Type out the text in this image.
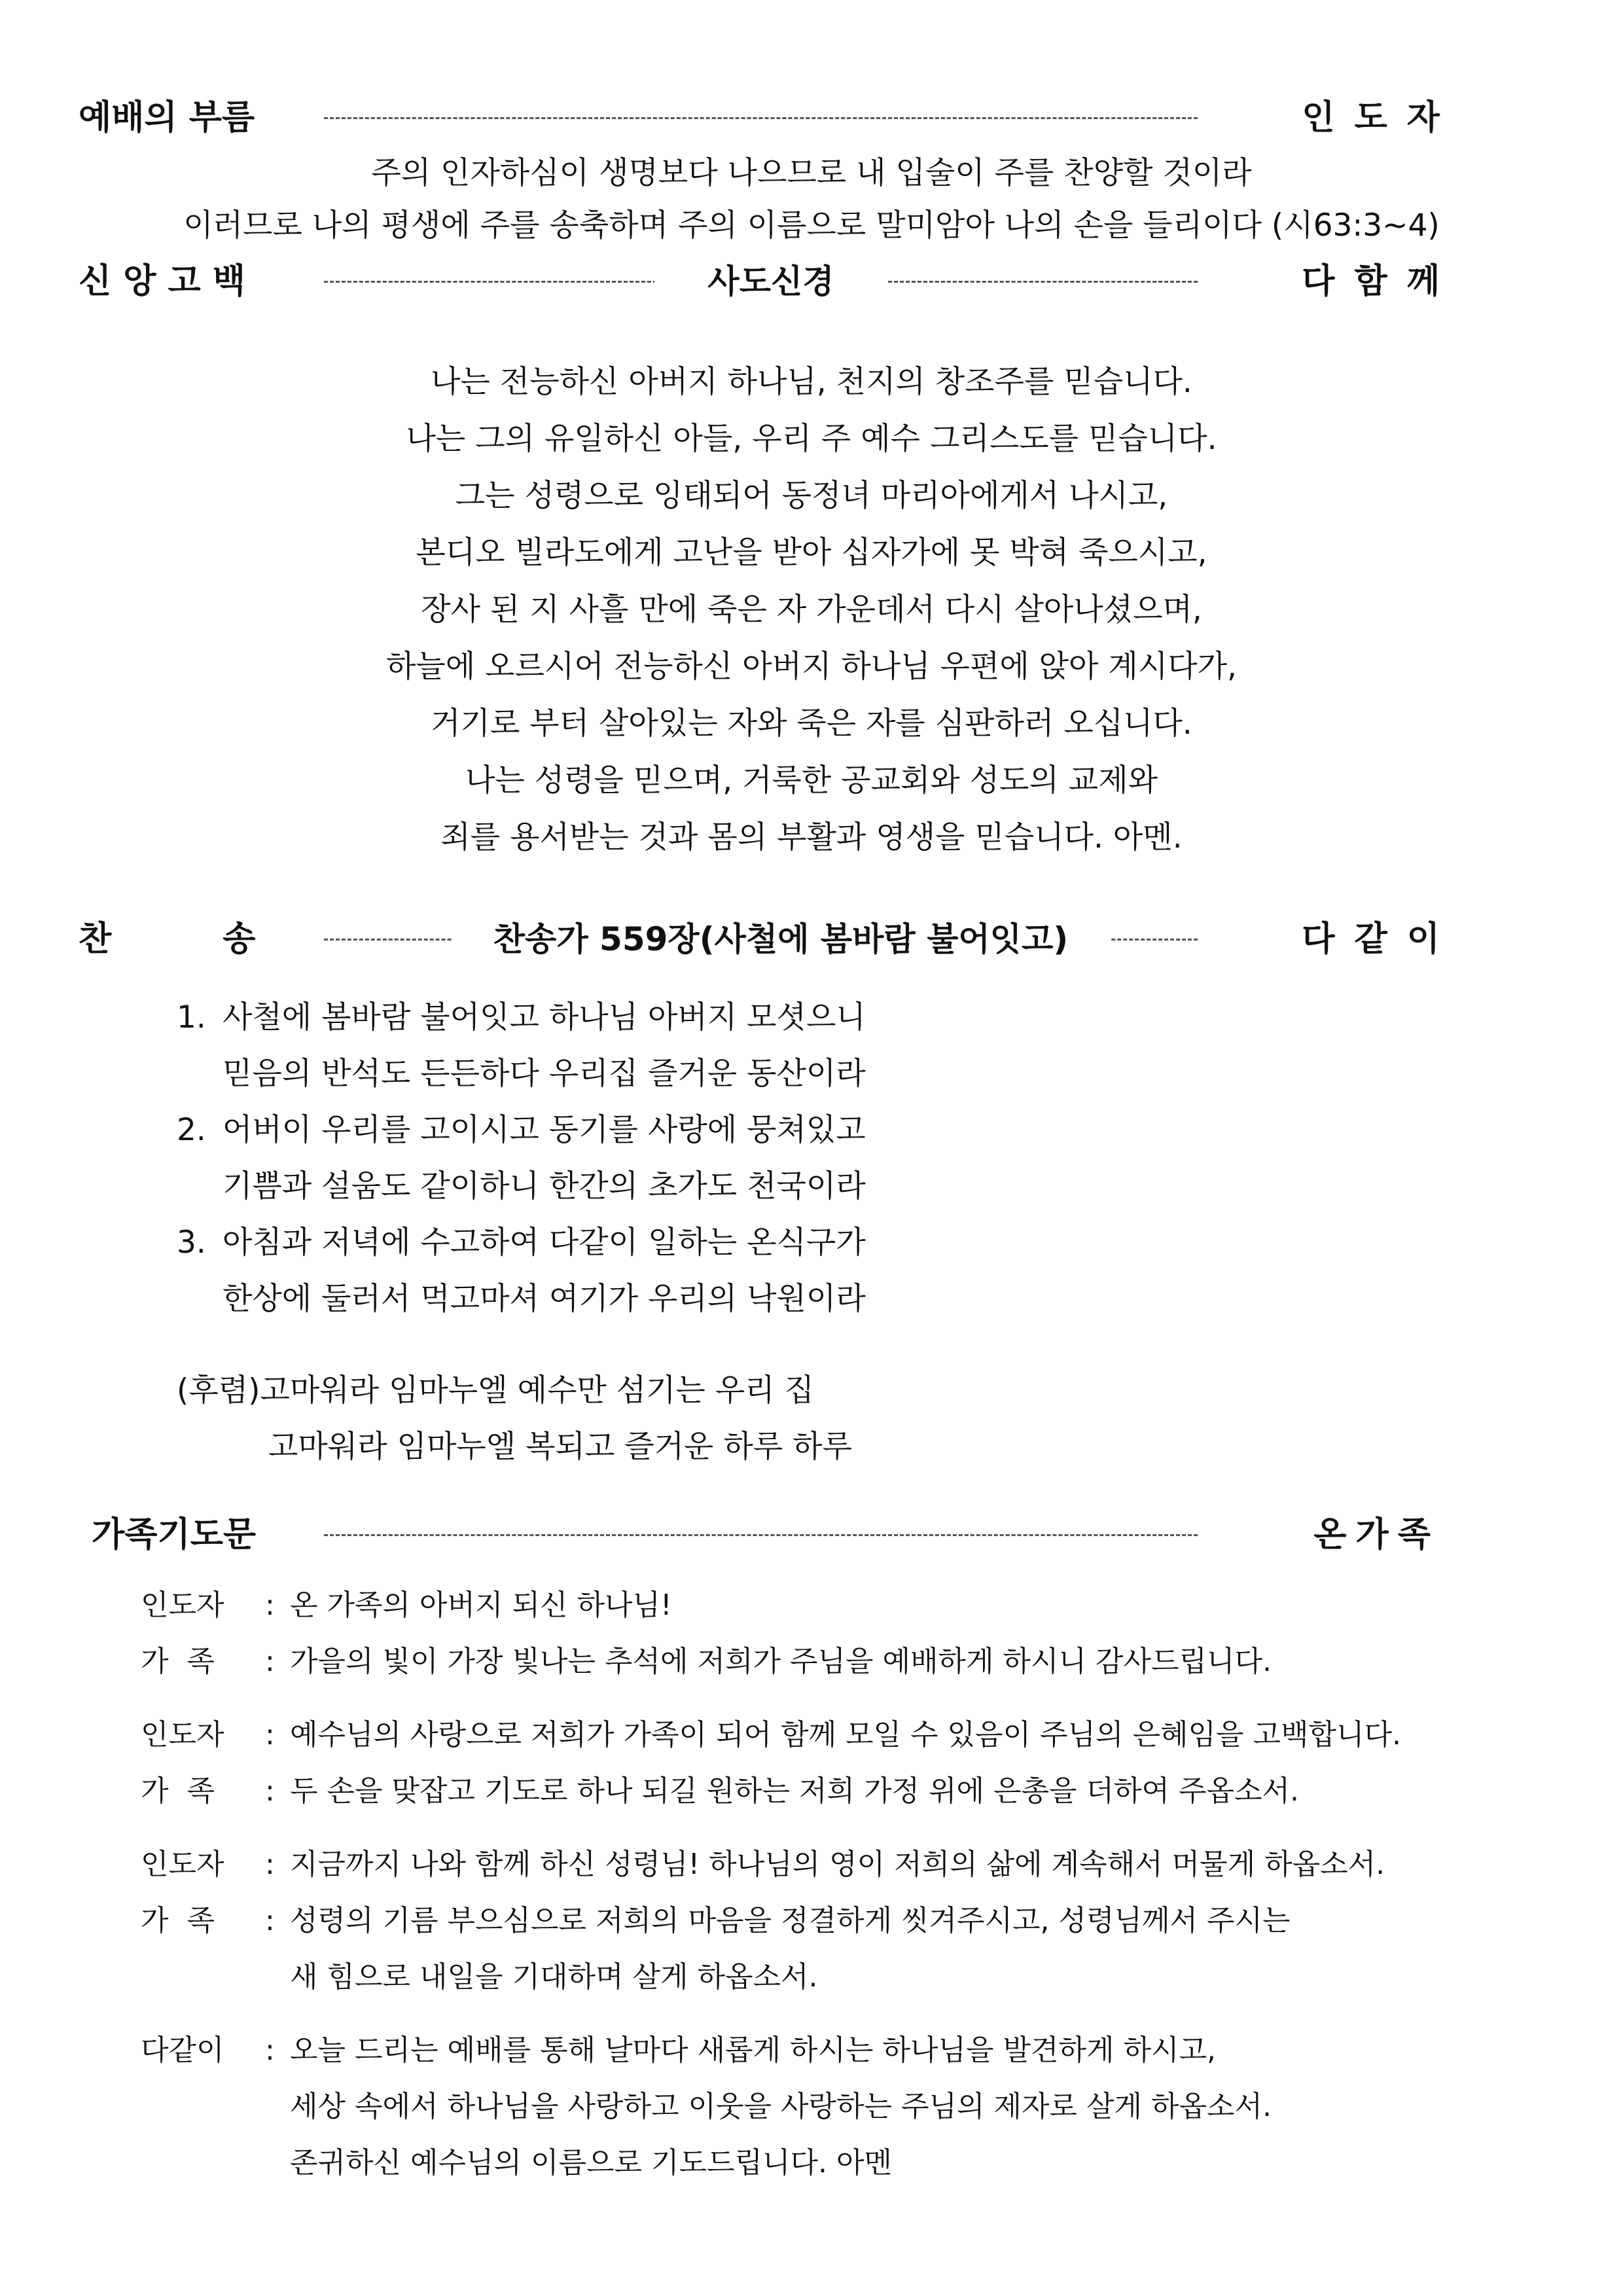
예배의 부름	인도자
주의 인자하심이 생명보다 나으므로 내 입술이 주를 찬양할 것이라
이러므로 나의 평생에 주를 송축하며 주의 이름으로 말미암아 나의 손을 들리이다 (시63:3~4)
신앙고백	사도신경	다함께
나는 전능하신 아버지 하나님, 천지의 창조주를 믿습니다.
나는 그의 유일하신 아들, 우리 주 예수 그리스도를 믿습니다.
그는 성령으로 잉태되어 동정녀 마리아에게서 나시고,
본디오 빌라도에게 고난을 받아 십자가에 못 박혀 죽으시고,
장사 된 지 사흘 만에 죽은 자 가운데서 다시 살아나셨으며,
하늘에 오르시어 전능하신 아버지 하나님 우편에 앉아 계시다가,
거기로 부터 살아있는 자와 죽은 자를 심판하러 오십니다.
나는 성령을 믿으며, 거룩한 공교회와 성도의 교제와
죄를 용서받는 것과 몸의 부활과 영생을 믿습니다. 아멘.
찬송	찬송가 559장(사철에 봄바람 불어잇고)	다같이
1. 사철에 봄바람 불어잇고 하나님 아버지 모셧으니
믿음의 반석도 든든하다 우리집 즐거운 동산이라
2. 어버이 우리를 고이시고 동기를 사랑에 뭉쳐있고
기쁨과 설움도 같이하니 한간의 초가도 천국이라
3. 아침과 저녁에 수고하여 다같이 일하는 온식구가
한상에 둘러서 먹고마셔 여기가 우리의 낙원이라
(후렴)고마워라 임마누엘 예수만 섬기는 우리 집
고마워라 임마누엘 복되고 즐거운 하루 하루
가족기도문	온가족
인도자	: 온 가족의 아버지 되신 하나님!
가  족	: 가을의 빛이 가장 빛나는 추석에 저희가 주님을 예배하게 하시니 감사드립니다.
인도자	: 예수님의 사랑으로 저희가 가족이 되어 함께 모일 수 있음이 주님의 은혜임을 고백합니다.
가  족	: 두 손을 맞잡고 기도로 하나 되길 원하는 저희 가정 위에 은총을 더하여 주옵소서.
인도자	: 지금까지 나와 함께 하신 성령님! 하나님의 영이 저희의 삶에 계속해서 머물게 하옵소서.
가  족	: 성령의 기름 부으심으로 저희의 마음을 정결하게 씻겨주시고, 성령님께서 주시는
새 힘으로 내일을 기대하며 살게 하옵소서.
다같이	: 오늘 드리는 예배를 통해 날마다 새롭게 하시는 하나님을 발견하게 하시고,
세상 속에서 하나님을 사랑하고 이웃을 사랑하는 주님의 제자로 살게 하옵소서.
존귀하신 예수님의 이름으로 기도드립니다. 아멘
